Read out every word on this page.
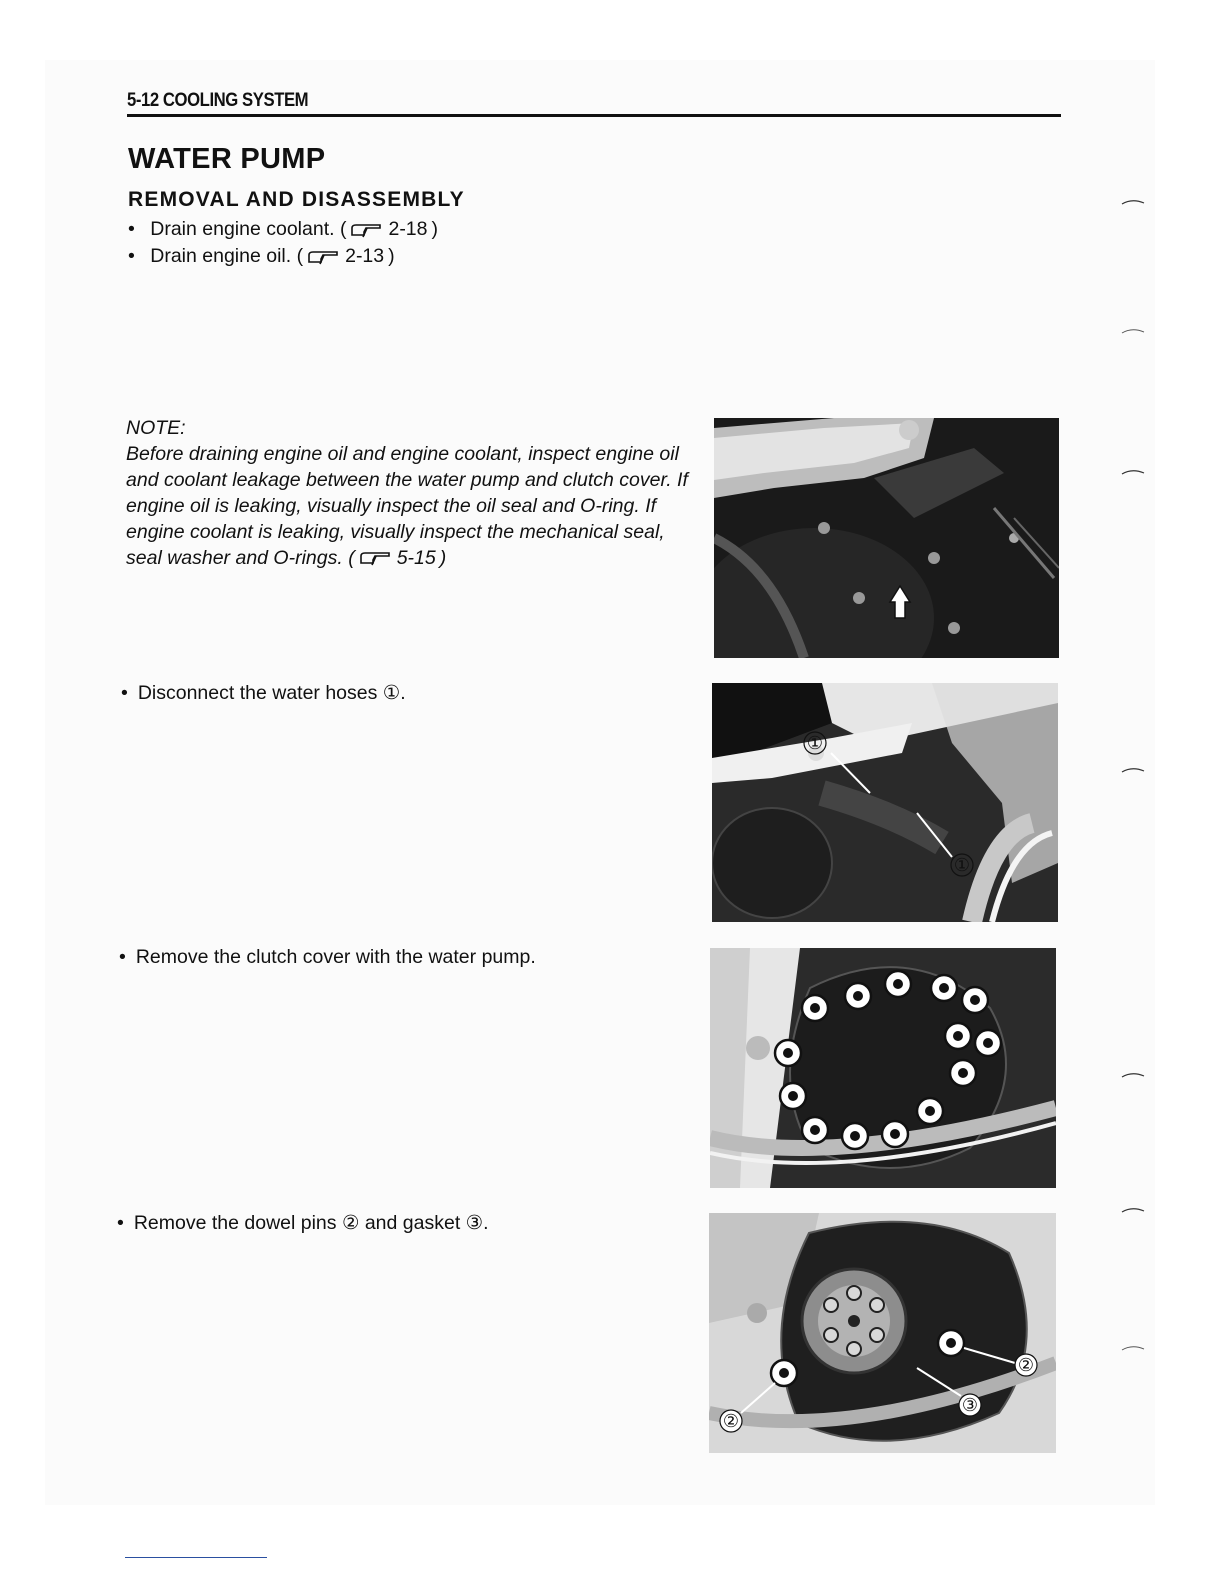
5-12 COOLING SYSTEM
WATER PUMP
REMOVAL AND DISASSEMBLY
• Drain engine coolant. ( 2-18 )
• Drain engine oil. ( 2-13 )
NOTE:
Before draining engine oil and engine coolant, inspect engine oil and coolant leakage between the water pump and clutch cover. If engine oil is leaking, visually inspect the oil seal and O-ring. If engine coolant is leaking, visually inspect the mechanical seal, seal washer and O-rings. ( 5-15 )
• Disconnect the water hoses ①.
①
①
• Remove the clutch cover with the water pump.
• Remove the dowel pins ② and gasket ③.
②
②
③
